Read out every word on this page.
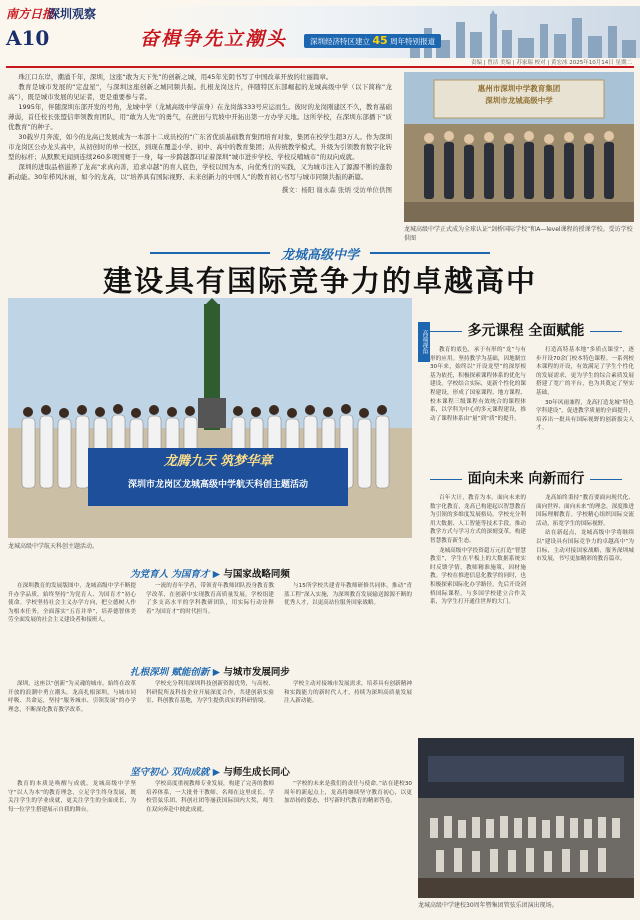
南方日报
深圳观察
A10	奋楫争先立潮头	深圳经济特区建立 45 周年特别报道
责编 | 曾洁 美编 | 苏家瑞 校对 | 黄宏冰 2025年10月14日 星期二

珠江口东岸，潮涌千年，深圳，这座“敢为天下先”的创新之城，用45年光阴书写了中国改革开放的壮丽篇章。

教育是城市发展的“定盘星”，与深圳这座创新之城同频共振。扎根龙岗这片，伴随特区东部崛起的龙城高级中学（以下简称“龙高”），既是城市发展的见证者，更是重要参与者。

1995年，伴随深圳东部开发的号角，龙城中学（龙城高级中学前身）在龙岗落333号应运而生。彼时的龙岗刚建区不久，教育基础薄弱，首任校长张盟信率领教育团队，用“敢为人先”的勇气，在蔗田与荒坡中开拓出第一方办学天地。这所学校，在深圳东部播下“质优教育”的种子。

30载岁月奔流，如今的龙高已发展成为一本部十二成员校的“广东省优质基础教育集团培育对象，集团在校学生超3万人。作为深圳市龙岗区公办龙头高中，从初创时的单一校区，到现在覆盖小学、初中、高中的教育集团；从传统教学模式，升级为引领教育数字化转型的标杆；从默默无闻到连续260多项国赛于一身，每一步跨越都印证着深圳“城市进步学校、学校反哺城市”的双向成就。

深圳的进取品格滋养了龙高“求真向善，追求卓越”的育人底色，学校以国为本，向优秀行的实践，又为城市注入了源源不断的蓬勃新动能。30年栉风沐雨，如今的龙高，以“培养具有国际视野、未来创新力的中国人”的教育初心书写与城市同频共振的新篇。

撰文：杨阳 谢永森 张炳 受访单位供图

惠州市深圳中学教育集团
深圳市龙城高级中学
龙城高级中学正式成为全球认证“剑桥国际学校”和A—level课程的授课学校。受访学校供图
龙城高级中学
建设具有国际竞争力的卓越高中
龙腾九天 筑梦华章
深圳市龙岗区龙城高级中学航天科创主题活动
龙城高级中学航天科创主题活动。
高端视角	多元课程 全面赋能

教育的底色，承于有形的“龙”与有形的应用。坚持教学为基础，因地制宜30年来，始终以“开设龙型”的深厚根基为依托，积极探索课程体系的优化与建设。学校结合实际，更新个性化的课程建设，形成了国家课程、地方课程、校本课程三级课程有效统合的课程体系，以学科为中心的多元课程建设，推动了课程体系由“量”到“质”的提升。

打造高特基本地“多质点课堂”，逐步开设70余门校本特色课程。一系列校本课程的开设，有效满足了学生个性化的发展需求，更为学生的综合素质发展搭建了宽广的平台，也为其奠定了坚实基础。

30年风雨兼程，龙高打造龙城“特色学科建设”，促进教学质量的全面提升，培养出一批具有国际视野的创新拔尖人才。

面向未来 向新而行

百年大计，教育为本。面向未来的数字化教育，龙高已构建起以智慧教育为引领的多维度发展格局。学校充分利用大数据、人工智能等技术手段，推动教学方式与学习方式的深刻变革，构建智慧教育新生态。

龙城高级中学投资超万元打造“智慧教室”，学生在平板上的大数据系统实时反馈学情，教师精准施策，因材施教。学校在推进信息化教学的同时，也积极探索国际化办学路径，先后开设剑桥国际课程，与多国学校建立合作关系，为学生打开通往世界的大门。

龙高始终秉持“教育要面向现代化、面向世界、面向未来”的理念，深度推进国际理解教育。学校精心组织国际交流活动，拓宽学生的国际视野。

站在新起点，龙城高级中学将继续以“建设具有国际竞争力的卓越高中”为目标，主动对接国家战略，服务深圳城市发展，书写更加精彩的教育篇章。

为党育人 为国育才 ▶ 与国家战略同频

在深圳教育的发展版图中，龙城高级中学不断提升办学品质，始终坚持“为党育人、为国育才”初心使命。学校坚持社会主义办学方向，把立德树人作为根本任务，全面落实“五育并举”，培养德智体美劳全面发展的社会主义建设者和接班人。

一流的青年学者，带领青年教师团队投身教育教学改革，在创新中实现教育高质量发展。学校组建了多支高水平的学科教研团队，用实际行动诠释着“为国育才”的时代担当。

与15所学校共建青年教师研修共同体，推动“青蓝工程”深入实施，为深圳教育发展输送源源不断的优秀人才，以更高站位服务国家战略。

扎根深圳 赋能创新 ▶ 与城市发展同步

深圳，这座以“创新”为灵魂的城市，始终在改革开放的浪潮中勇立潮头。龙高扎根深圳，与城市同呼吸、共命运，坚持“服务城市、引领发展”的办学理念，不断深化教育教学改革。

学校充分利用深圳科技创新资源优势，与高校、科研院所及科技企业开展深度合作，共建创新实验室、科创教育基地，为学生提供真实的科研情境。

学校主动对接城市发展需求，培养具有创新精神和实践能力的新时代人才，持续为深圳高质量发展注入新动能。

坚守初心 双向成就 ▶ 与师生成长同心

教育的本质是唤醒与成就。龙城高级中学坚守“以人为本”的教育理念，立足学生终身发展，既关注学生的学业成就，更关注学生的全面成长，为每一位学生搭建展示自我的舞台。

学校高度重视教师专业发展，构建了完善的教师培养体系，一大批骨干教师、名师在这里成长。学校管弦乐团、科创社团等屡获国际国内大奖，师生在双向奔赴中彼此成就。

“学校的未来是我们的责任与使命。”站在建校30周年的新起点上，龙高将继续坚守教育初心，以更加昂扬的姿态，书写新时代教育的精彩答卷。

龙城高级中学建校30周年暨集团管弦乐团演出现场。
